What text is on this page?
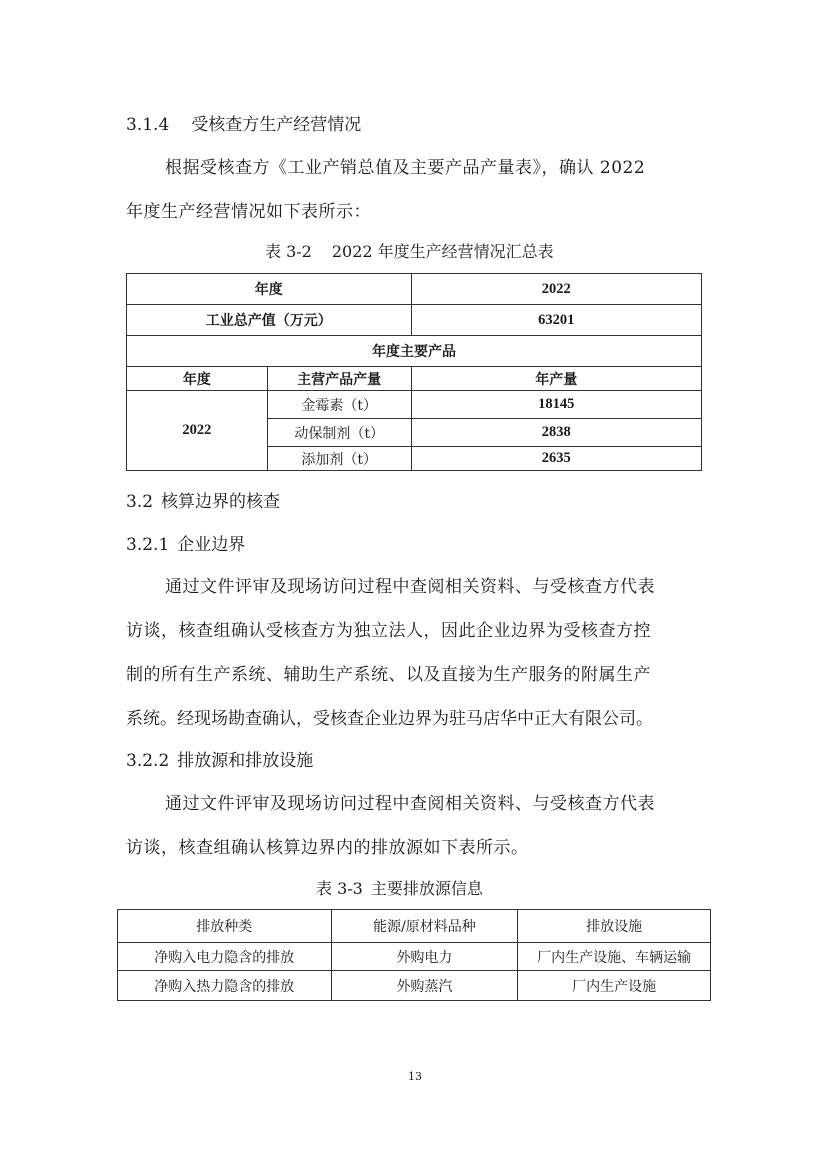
3.1.4 受核查方生产经营情况
根据受核查方《工业产销总值及主要产品产量表》，确认 2022
年度生产经营情况如下表所示：
表 3-2 2022 年度生产经营情况汇总表
年度		2022
工业总产值（万元）		63201
年度主要产品		
年度	主营产品产量	年产量
2022	金霉素（t）	18145
	动保制剂（t）	2838
	添加剂（t）	2635
3.2 核算边界的核查
3.2.1 企业边界
通过文件评审及现场访问过程中查阅相关资料、与受核查方代表
访谈，核查组确认受核查方为独立法人，因此企业边界为受核查方控
制的所有生产系统、辅助生产系统、以及直接为生产服务的附属生产
系统。经现场勘查确认，受核查企业边界为驻马店华中正大有限公司。
3.2.2 排放源和排放设施
通过文件评审及现场访问过程中查阅相关资料、与受核查方代表
访谈，核查组确认核算边界内的排放源如下表所示。
表 3-3 主要排放源信息
排放种类	能源/原材料品种	排放设施
净购入电力隐含的排放	外购电力	厂内生产设施、车辆运输
净购入热力隐含的排放	外购蒸汽	厂内生产设施
13
